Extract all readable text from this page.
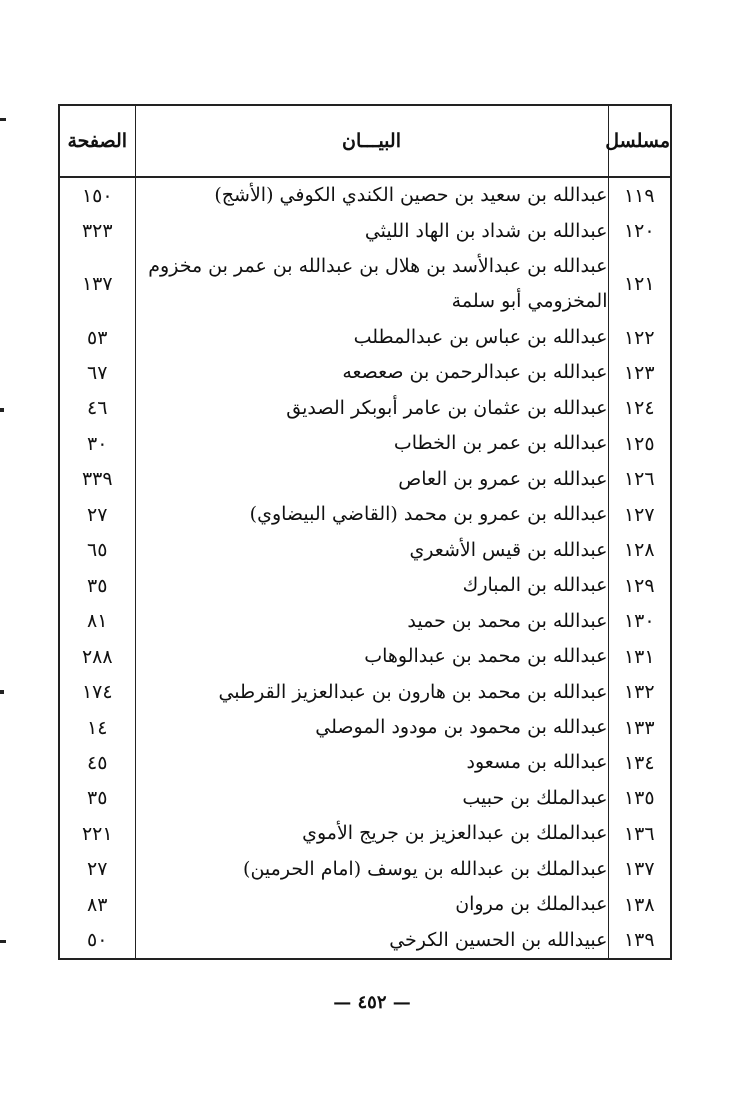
مسلسل	البيـــان	الصفحة
١١٩	عبدالله بن سعيد بن حصين الكندي الكوفي (الأشج)	١٥٠
١٢٠	عبدالله بن شداد بن الهاد الليثي	٣٢٣
١٢١	عبدالله بن عبدالأسد بن هلال بن عبدالله بن عمر بن مخزوم المخزومي أبو سلمة	١٣٧
١٢٢	عبدالله بن عباس بن عبدالمطلب	٥٣
١٢٣	عبدالله بن عبدالرحمن بن صعصعه	٦٧
١٢٤	عبدالله بن عثمان بن عامر أبوبكر الصديق	٤٦
١٢٥	عبدالله بن عمر بن الخطاب	٣٠
١٢٦	عبدالله بن عمرو بن العاص	٣٣٩
١٢٧	عبدالله بن عمرو بن محمد (القاضي البيضاوي)	٢٧
١٢٨	عبدالله بن قيس الأشعري	٦٥
١٢٩	عبدالله بن المبارك	٣٥
١٣٠	عبدالله بن محمد بن حميد	٨١
١٣١	عبدالله بن محمد بن عبدالوهاب	٢٨٨
١٣٢	عبدالله بن محمد بن هارون بن عبدالعزيز القرطبي	١٧٤
١٣٣	عبدالله بن محمود بن مودود الموصلي	١٤
١٣٤	عبدالله بن مسعود	٤٥
١٣٥	عبدالملك بن حبيب	٣٥
١٣٦	عبدالملك بن عبدالعزيز بن جريج الأموي	٢٢١
١٣٧	عبدالملك بن عبدالله بن يوسف (امام الحرمين)	٢٧
١٣٨	عبدالملك بن مروان	٨٣
١٣٩	عبيدالله بن الحسين الكرخي	٥٠
— ٤٥٢ —
